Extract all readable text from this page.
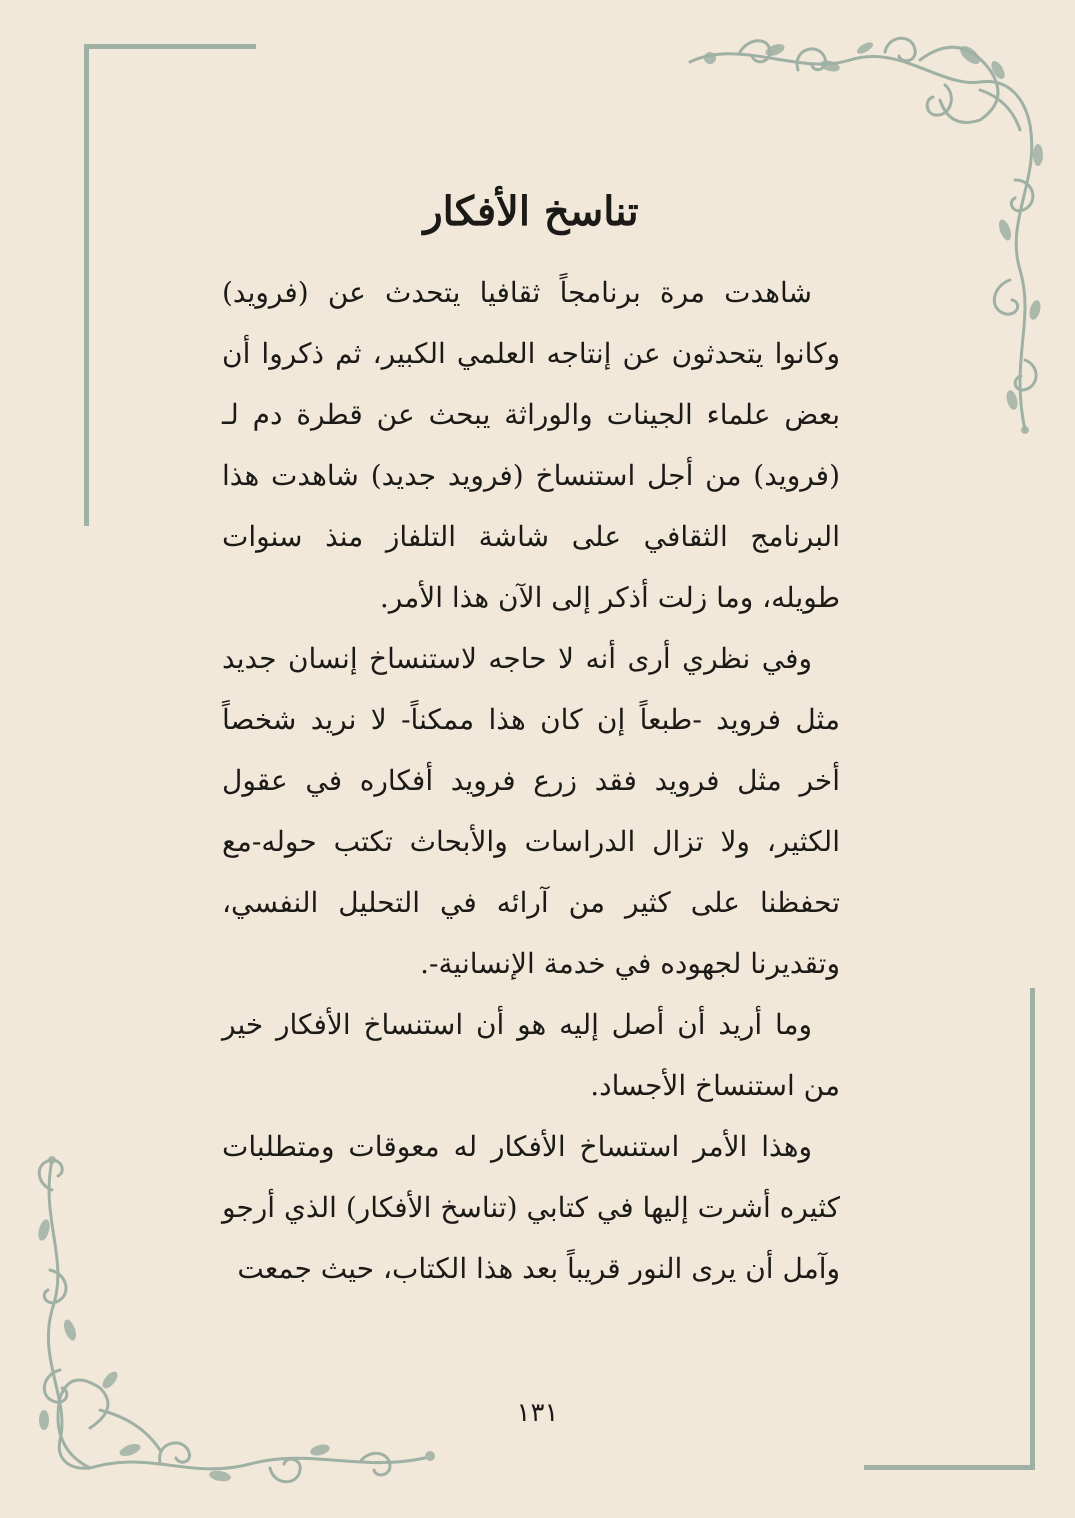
تناسخ الأفكار

شاهدت مرة برنامجاً ثقافيا يتحدث عن (فرويد) وكانوا يتحدثون عن إنتاجه العلمي الكبير، ثم ذكروا أن بعض علماء الجينات والوراثة يبحث عن قطرة دم لـ (فرويد) من أجل استنساخ (فرويد جديد) شاهدت هذا البرنامج الثقافي على شاشة التلفاز منذ سنوات طويله، وما زلت أذكر إلى الآن هذا الأمر.

وفي نظري أرى أنه لا حاجه لاستنساخ إنسان جديد مثل فرويد -طبعاً إن كان هذا ممكناً- لا نريد شخصاً أخر مثل فرويد فقد زرع فرويد أفكاره في عقول الكثير، ولا تزال الدراسات والأبحاث تكتب حوله-مع تحفظنا على كثير من آرائه في التحليل النفسي، وتقديرنا لجهوده في خدمة الإنسانية-.

وما أريد أن أصل إليه هو أن استنساخ الأفكار خير من استنساخ الأجساد.

وهذا الأمر استنساخ الأفكار له معوقات ومتطلبات كثيره أشرت إليها في كتابي (تناسخ الأفكار) الذي أرجو وآمل أن يرى النور قريباً بعد هذا الكتاب، حيث جمعت

١٣١
